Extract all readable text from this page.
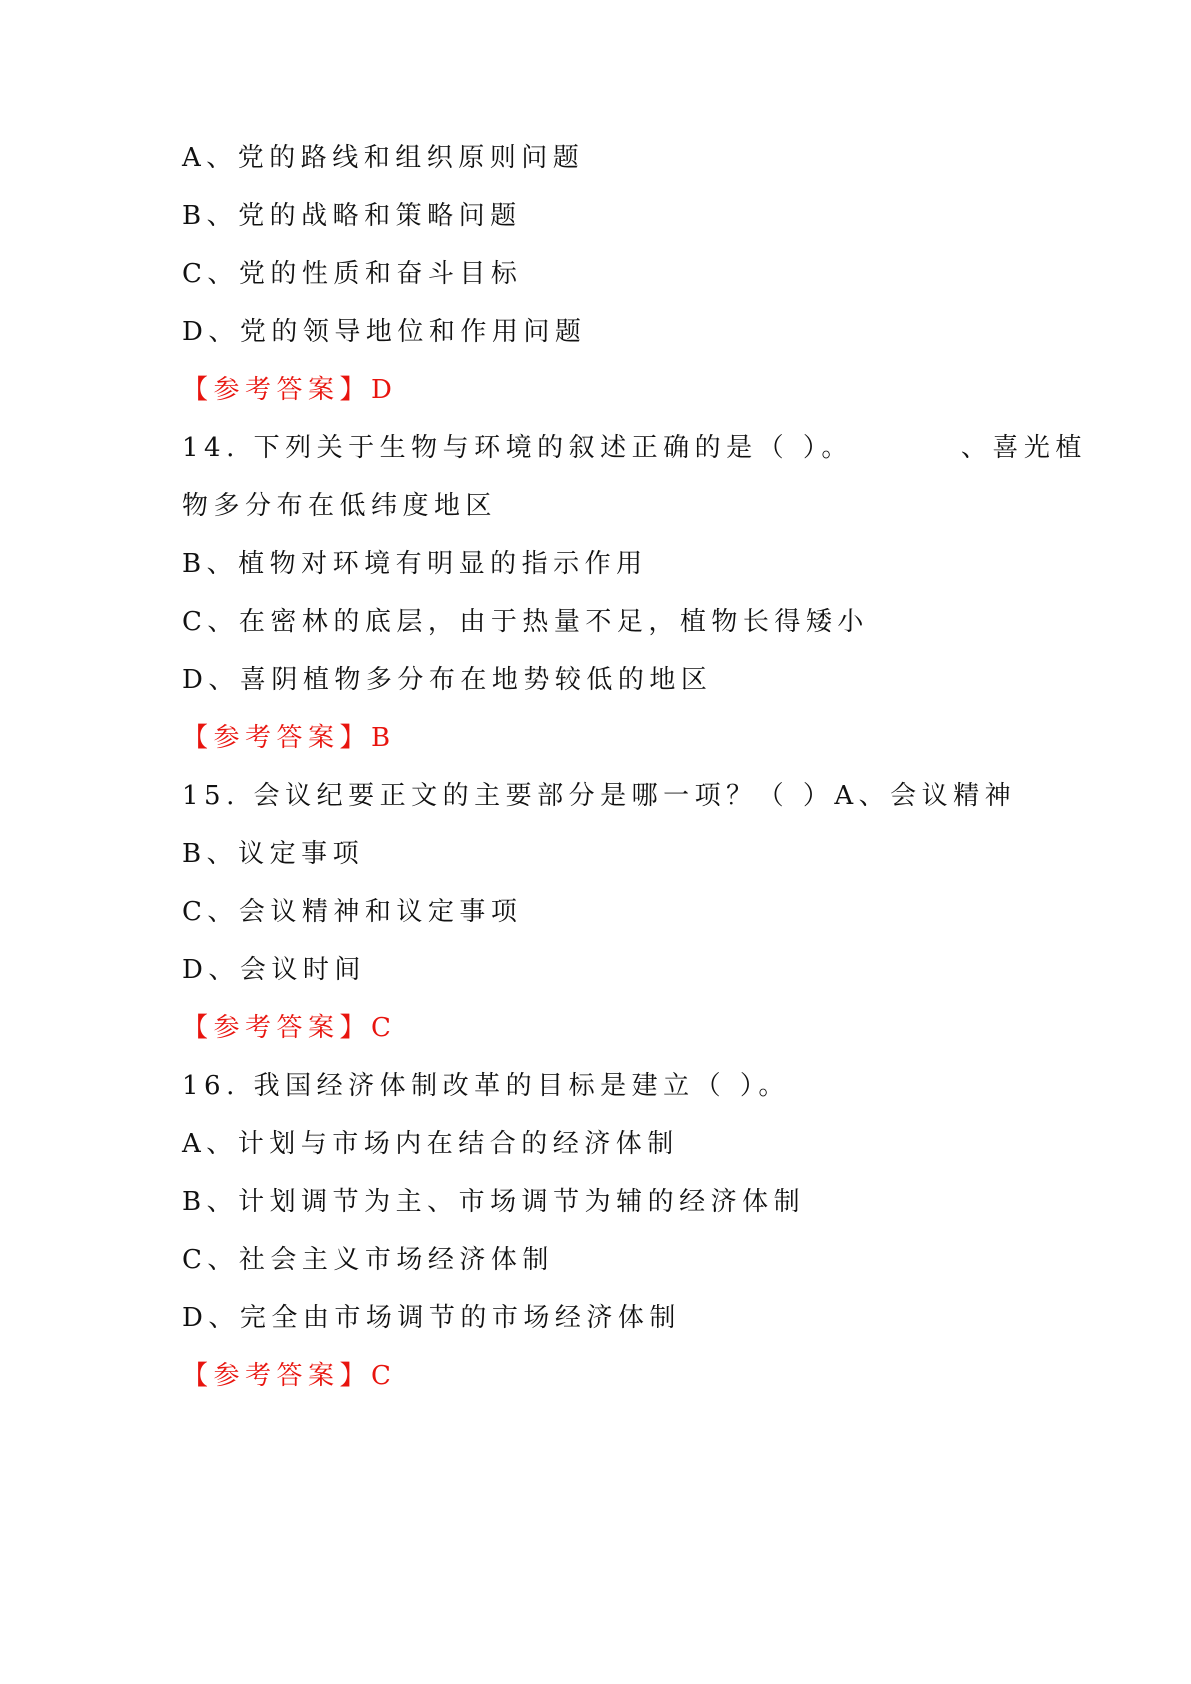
A、党的路线和组织原则问题
B、党的战略和策略问题
C、党的性质和奋斗目标
D、党的领导地位和作用问题
【参考答案】D
14. 下列关于生物与环境的叙述正确的是（ ）。	、喜光植
物多分布在低纬度地区
B、植物对环境有明显的指示作用
C、在密林的底层，由于热量不足，植物长得矮小
D、喜阴植物多分布在地势较低的地区
【参考答案】B
15. 会议纪要正文的主要部分是哪一项？（ ）A、会议精神
B、议定事项
C、会议精神和议定事项
D、会议时间
【参考答案】C
16. 我国经济体制改革的目标是建立（ ）。
A、计划与市场内在结合的经济体制
B、计划调节为主、市场调节为辅的经济体制
C、社会主义市场经济体制
D、完全由市场调节的市场经济体制
【参考答案】C
